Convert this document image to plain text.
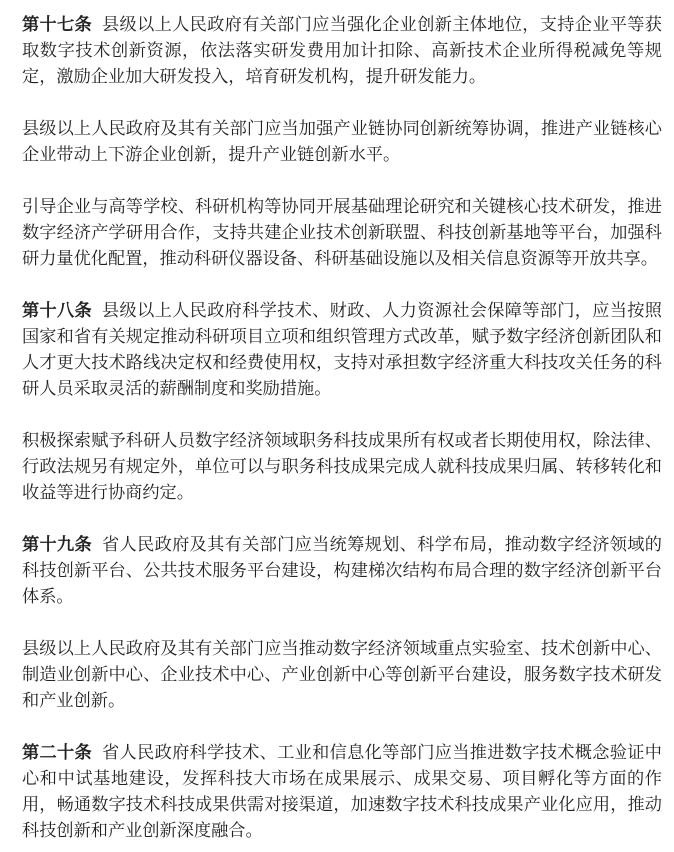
第十七条 县级以上人民政府有关部门应当强化企业创新主体地位，支持企业平等获取数字技术创新资源，依法落实研发费用加计扣除、高新技术企业所得税减免等规定，激励企业加大研发投入，培育研发机构，提升研发能力。

县级以上人民政府及其有关部门应当加强产业链协同创新统筹协调，推进产业链核心企业带动上下游企业创新，提升产业链创新水平。

引导企业与高等学校、科研机构等协同开展基础理论研究和关键核心技术研发，推进数字经济产学研用合作，支持共建企业技术创新联盟、科技创新基地等平台，加强科研力量优化配置，推动科研仪器设备、科研基础设施以及相关信息资源等开放共享。

第十八条 县级以上人民政府科学技术、财政、人力资源社会保障等部门，应当按照国家和省有关规定推动科研项目立项和组织管理方式改革，赋予数字经济创新团队和人才更大技术路线决定权和经费使用权，支持对承担数字经济重大科技攻关任务的科研人员采取灵活的薪酬制度和奖励措施。

积极探索赋予科研人员数字经济领域职务科技成果所有权或者长期使用权，除法律、行政法规另有规定外，单位可以与职务科技成果完成人就科技成果归属、转移转化和收益等进行协商约定。

第十九条 省人民政府及其有关部门应当统筹规划、科学布局，推动数字经济领域的科技创新平台、公共技术服务平台建设，构建梯次结构布局合理的数字经济创新平台体系。

县级以上人民政府及其有关部门应当推动数字经济领域重点实验室、技术创新中心、制造业创新中心、企业技术中心、产业创新中心等创新平台建设，服务数字技术研发和产业创新。

第二十条 省人民政府科学技术、工业和信息化等部门应当推进数字技术概念验证中心和中试基地建设，发挥科技大市场在成果展示、成果交易、项目孵化等方面的作用，畅通数字技术科技成果供需对接渠道，加速数字技术科技成果产业化应用，推动科技创新和产业创新深度融合。
